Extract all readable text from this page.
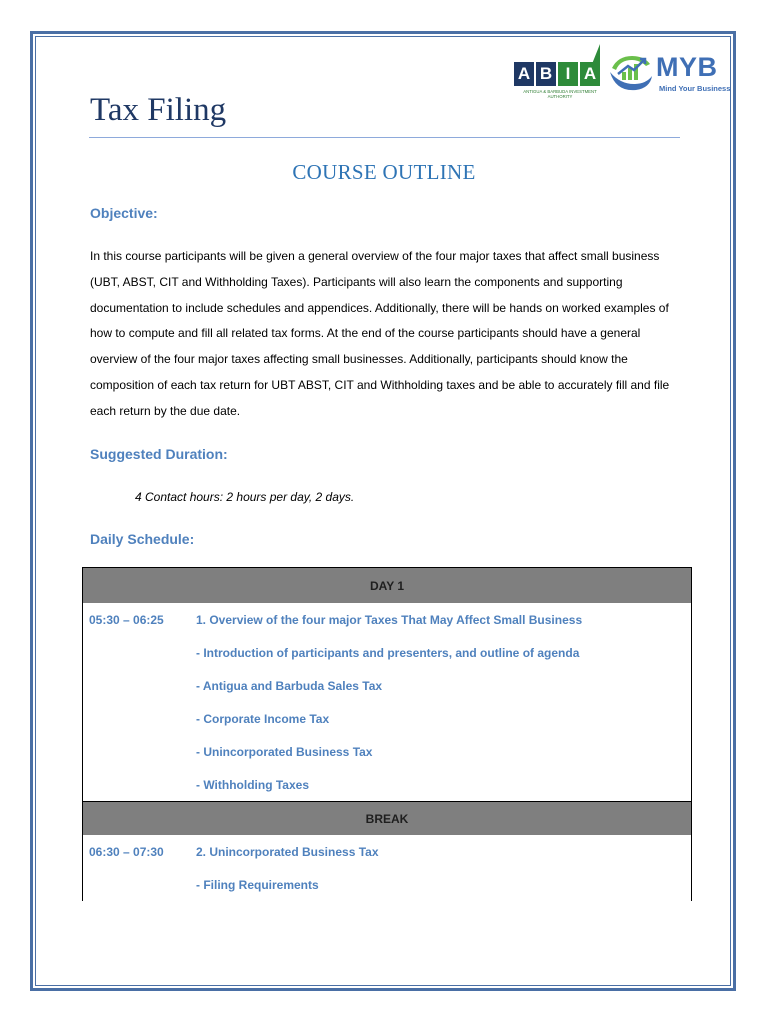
A B I A
ANTIGUA & BARBUDA INVESTMENT AUTHORITY
MYB
Mind Your Business
Tax Filing
COURSE OUTLINE
Objective:
In this course participants will be given a general overview of the four major taxes that affect small business (UBT, ABST, CIT and Withholding Taxes). Participants will also learn the components and supporting documentation to include schedules and appendices. Additionally, there will be hands on worked examples of how to compute and fill all related tax forms. At the end of the course participants should have a general overview of the four major taxes affecting small businesses. Additionally, participants should know the composition of each tax return for UBT ABST, CIT and Withholding taxes and be able to accurately fill and file each return by the due date.
Suggested Duration:
4 Contact hours: 2 hours per day, 2 days.
Daily Schedule:
DAY 1	
05:30 – 06:25	1. Overview of the four major Taxes That May Affect Small Business
	- Introduction of participants and presenters, and outline of agenda
	- Antigua and Barbuda Sales Tax
	- Corporate Income Tax
	- Unincorporated Business Tax
	- Withholding Taxes
BREAK	
06:30 – 07:30	2. Unincorporated Business Tax
	- Filing Requirements
